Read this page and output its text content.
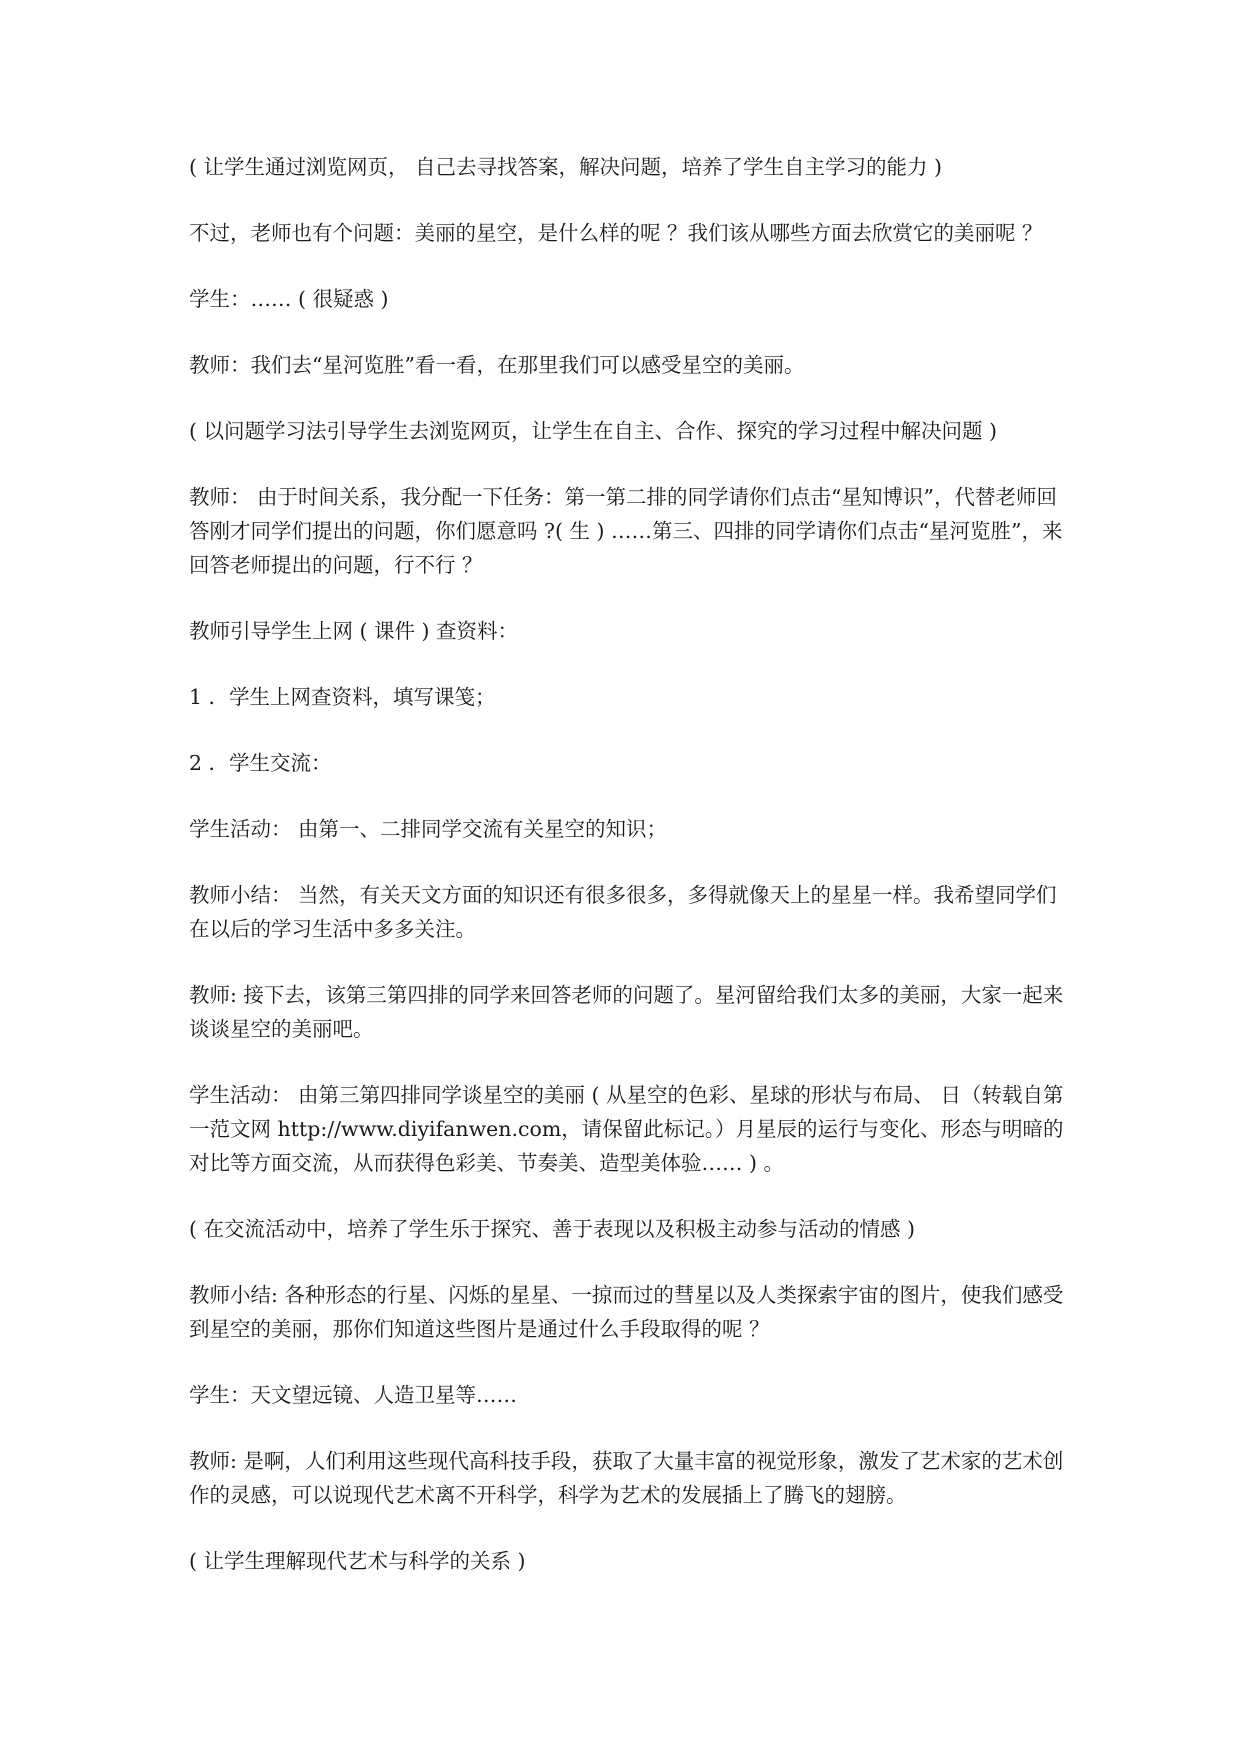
( 让学生通过浏览网页， 自己去寻找答案，解决问题，培养了学生自主学习的能力 )

不过，老师也有个问题：美丽的星空，是什么样的呢 ？我们该从哪些方面去欣赏它的美丽呢 ？

学生：…… ( 很疑惑 )

教师：我们去“星河览胜”看一看，在那里我们可以感受星空的美丽。

( 以问题学习法引导学生去浏览网页，让学生在自主、合作、探究的学习过程中解决问题 )

教师： 由于时间关系，我分配一下任务：第一第二排的同学请你们点击“星知博识”，代替老师回答刚才同学们提出的问题，你们愿意吗 ?( 生 ) ……第三、四排的同学请你们点击“星河览胜”，来回答老师提出的问题，行不行 ？

教师引导学生上网 ( 课件 ) 查资料：

1 ．学生上网查资料，填写课笺；

2 ．学生交流：

学生活动： 由第一、二排同学交流有关星空的知识；

教师小结： 当然，有关天文方面的知识还有很多很多，多得就像天上的星星一样。我希望同学们在以后的学习生活中多多关注。

教师: 接下去，该第三第四排的同学来回答老师的问题了。星河留给我们太多的美丽，大家一起来谈谈星空的美丽吧。

学生活动： 由第三第四排同学谈星空的美丽 ( 从星空的色彩、星球的形状与布局、 日（转载自第一范文网 http://www.diyifanwen.com，请保留此标记。）月星辰的运行与变化、形态与明暗的对比等方面交流，从而获得色彩美、节奏美、造型美体验…… ) 。

( 在交流活动中，培养了学生乐于探究、善于表现以及积极主动参与活动的情感 )

教师小结: 各种形态的行星、闪烁的星星、一掠而过的彗星以及人类探索宇宙的图片，使我们感受到星空的美丽，那你们知道这些图片是通过什么手段取得的呢 ？

学生：天文望远镜、人造卫星等……

教师: 是啊，人们利用这些现代高科技手段，获取了大量丰富的视觉形象，激发了艺术家的艺术创作的灵感，可以说现代艺术离不开科学，科学为艺术的发展插上了腾飞的翅膀。

( 让学生理解现代艺术与科学的关系 )
